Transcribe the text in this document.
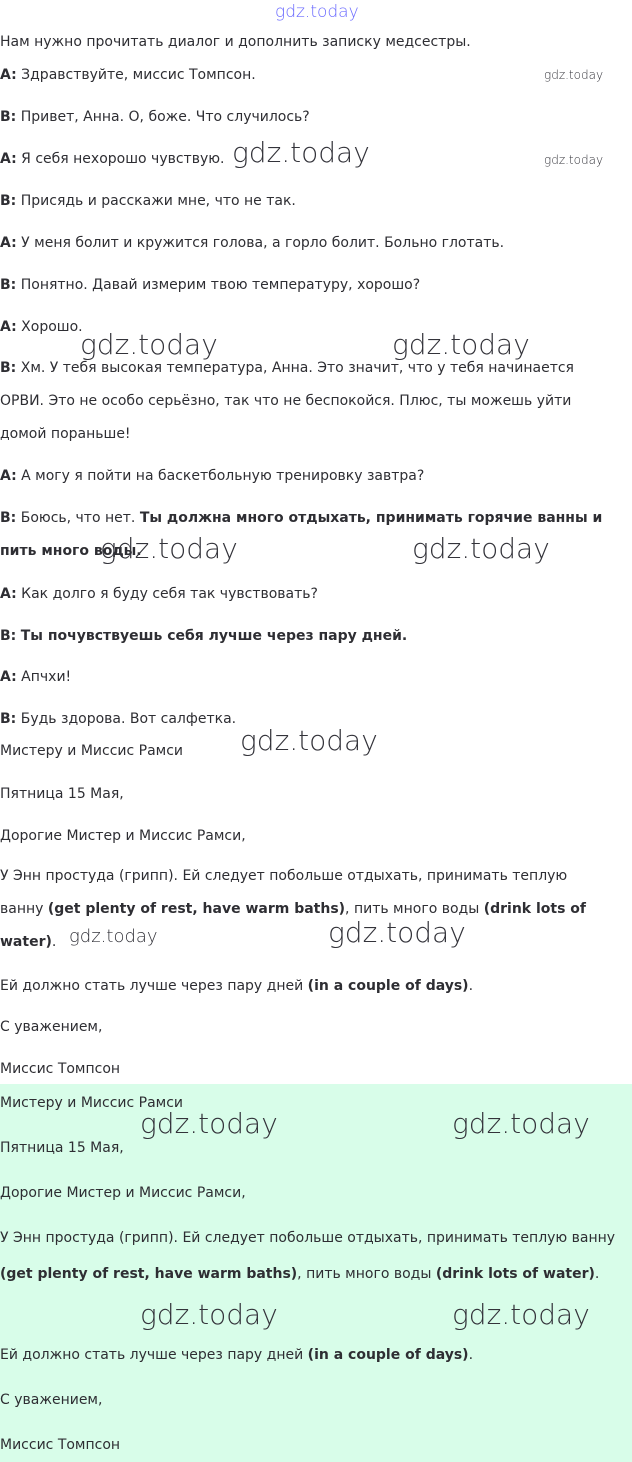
gdz.today
Нам нужно прочитать диалог и дополнить записку медсестры.
A: Здравствуйте, миссис Томпсон.
B: Привет, Анна. О, боже. Что случилось?
A: Я себя нехорошо чувствую.
B: Присядь и расскажи мне, что не так.
A: У меня болит и кружится голова, а горло болит. Больно глотать.
B: Понятно. Давай измерим твою температуру, хорошо?
A: Хорошо.
B: Хм. У тебя высокая температура, Анна. Это значит, что у тебя начинается ОРВИ. Это не особо серьёзно, так что не беспокойся. Плюс, ты можешь уйти домой пораньше!
A: А могу я пойти на баскетбольную тренировку завтра?
B: Боюсь, что нет. Ты должна много отдыхать, принимать горячие ванны и пить много воды.
A: Как долго я буду себя так чувствовать?
B: Ты почувствуешь себя лучше через пару дней.
A: Апчхи!
B: Будь здорова. Вот салфетка.
Мистеру и Миссис Рамси
Пятница 15 Мая,
Дорогие Мистер и Миссис Рамси,
У Энн простуда (грипп). Ей следует побольше отдыхать, принимать теплую ванну (get plenty of rest, have warm baths), пить много воды (drink lots of water).
Ей должно стать лучше через пару дней (in a couple of days).
С уважением,
Миссис Томпсон
Мистеру и Миссис Рамси
Пятница 15 Мая,
Дорогие Мистер и Миссис Рамси,
У Энн простуда (грипп). Ей следует побольше отдыхать, принимать теплую ванну (get plenty of rest, have warm baths), пить много воды (drink lots of water).
Ей должно стать лучше через пару дней (in a couple of days).
С уважением,
Миссис Томпсон
gdz.today
gdz.today
gdz.today
gdz.today	gdz.today
gdz.today	gdz.today
gdz.today
gdz.today	gdz.today
gdz.today	gdz.today
gdz.today	gdz.today
